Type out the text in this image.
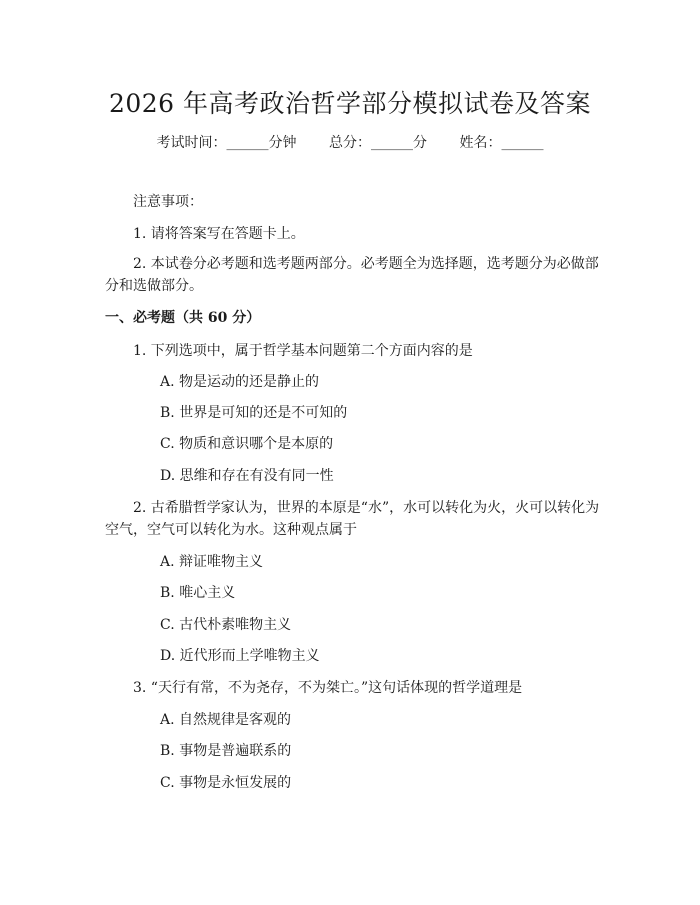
2026 年高考政治哲学部分模拟试卷及答案
考试时间：______分钟 总分：______分 姓名：______
注意事项：
1. 请将答案写在答题卡上。
2. 本试卷分必考题和选考题两部分。必考题全为选择题，选考题分为必做部分和选做部分。
一、必考题（共 60 分）
1. 下列选项中，属于哲学基本问题第二个方面内容的是
A. 物是运动的还是静止的
B. 世界是可知的还是不可知的
C. 物质和意识哪个是本原的
D. 思维和存在有没有同一性
2. 古希腊哲学家认为，世界的本原是“水”，水可以转化为火，火可以转化为空气，空气可以转化为水。这种观点属于
A. 辩证唯物主义
B. 唯心主义
C. 古代朴素唯物主义
D. 近代形而上学唯物主义
3. “天行有常，不为尧存，不为桀亡。”这句话体现的哲学道理是
A. 自然规律是客观的
B. 事物是普遍联系的
C. 事物是永恒发展的
